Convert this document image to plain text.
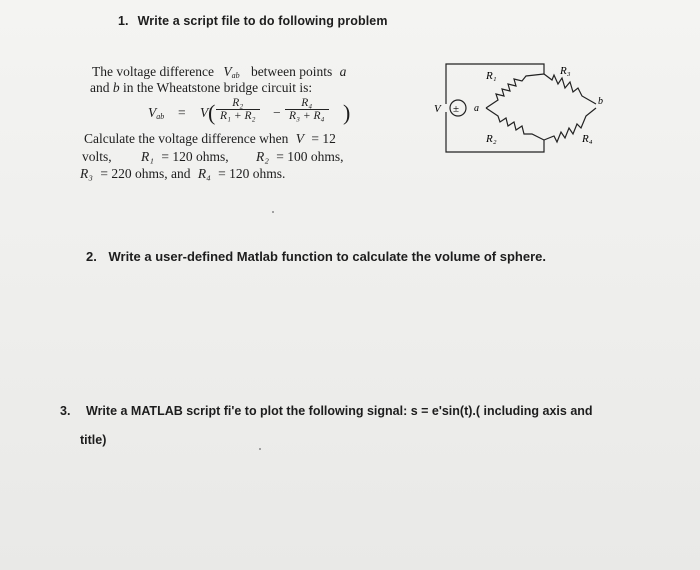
1. Write a script file to do following problem
The voltage difference $V_{ab}$ between points a
and b in the Wheatstone bridge circuit is:
$V_{ab} = V$ ( $\frac{\text{R₂}}{\text{R₁ + R₂}} - \frac{\text{R₄}}{\text{R₃ + R₄}}$ )
Calculate the voltage difference when V = 12
volts, R₁ = 120 ohms, R₂ = 100 ohms,
R₃ = 220 ohms, and R₄ = 120 ohms.
±
V	a
b
R₁	R₃
R₂	R₄
2. Write a user-defined Matlab function to calculate the volume of sphere.
3. Write a MATLAB script fi'e to plot the following signal: s = e'sin(t).( including axis and
title)
